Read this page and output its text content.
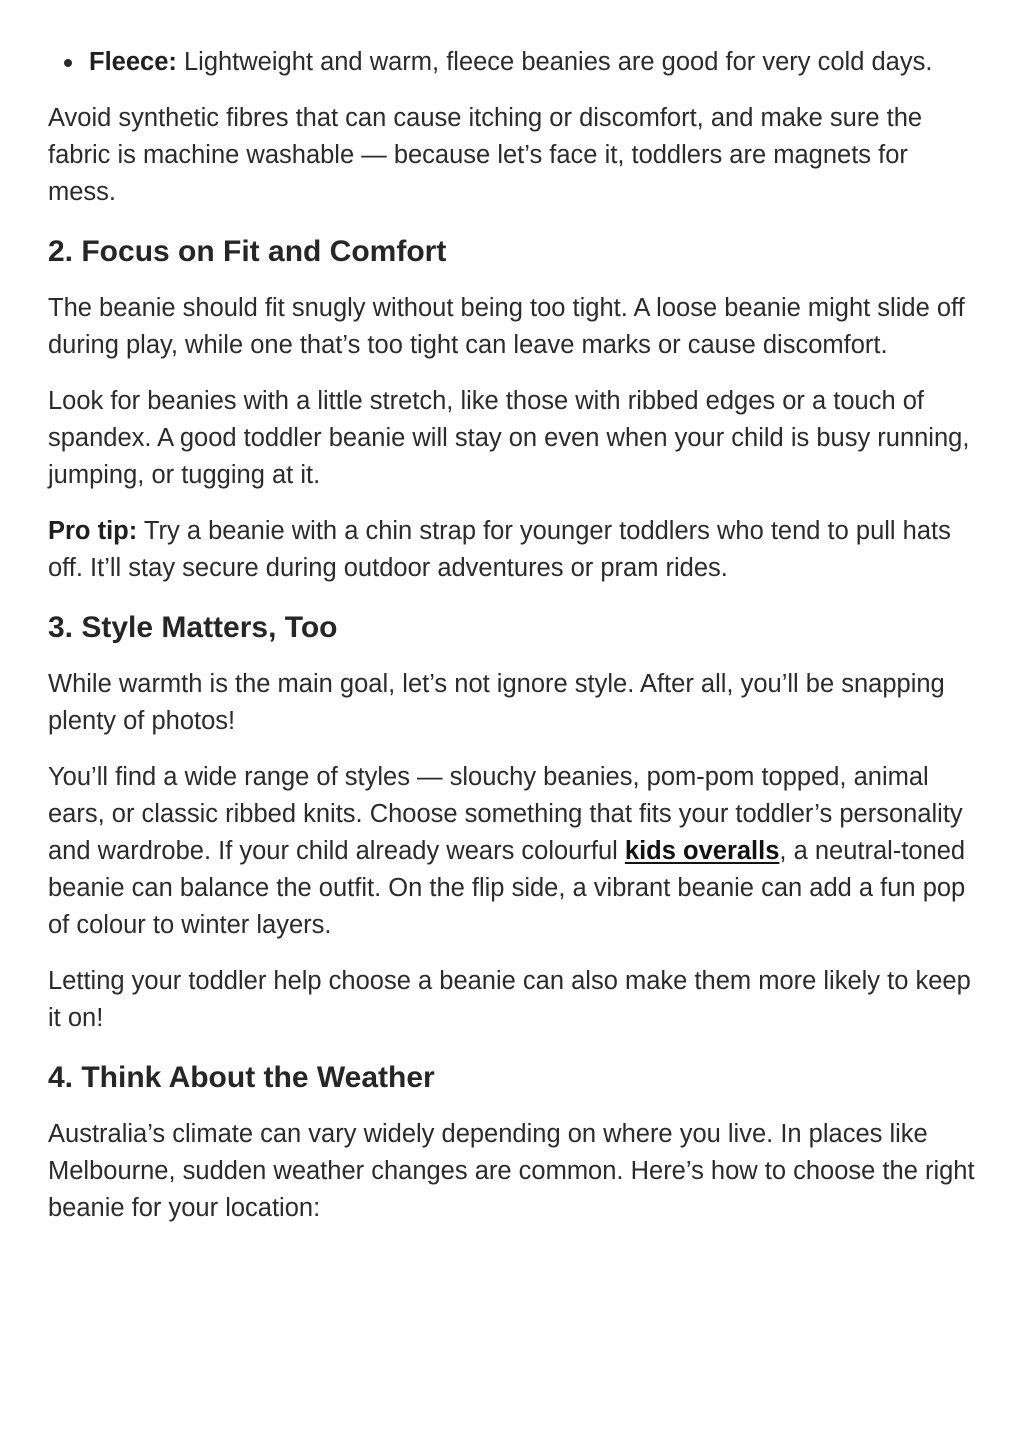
Fleece: Lightweight and warm, fleece beanies are good for very cold days.

Avoid synthetic fibres that can cause itching or discomfort, and make sure the fabric is machine washable — because let’s face it, toddlers are magnets for mess.

2. Focus on Fit and Comfort

The beanie should fit snugly without being too tight. A loose beanie might slide off during play, while one that’s too tight can leave marks or cause discomfort.

Look for beanies with a little stretch, like those with ribbed edges or a touch of spandex. A good toddler beanie will stay on even when your child is busy running, jumping, or tugging at it.

Pro tip: Try a beanie with a chin strap for younger toddlers who tend to pull hats off. It’ll stay secure during outdoor adventures or pram rides.

3. Style Matters, Too

While warmth is the main goal, let’s not ignore style. After all, you’ll be snapping plenty of photos!

You’ll find a wide range of styles — slouchy beanies, pom-pom topped, animal ears, or classic ribbed knits. Choose something that fits your toddler’s personality and wardrobe. If your child already wears colourful kids overalls, a neutral-toned beanie can balance the outfit. On the flip side, a vibrant beanie can add a fun pop of colour to winter layers.

Letting your toddler help choose a beanie can also make them more likely to keep it on!

4. Think About the Weather

Australia’s climate can vary widely depending on where you live. In places like Melbourne, sudden weather changes are common. Here’s how to choose the right beanie for your location:
